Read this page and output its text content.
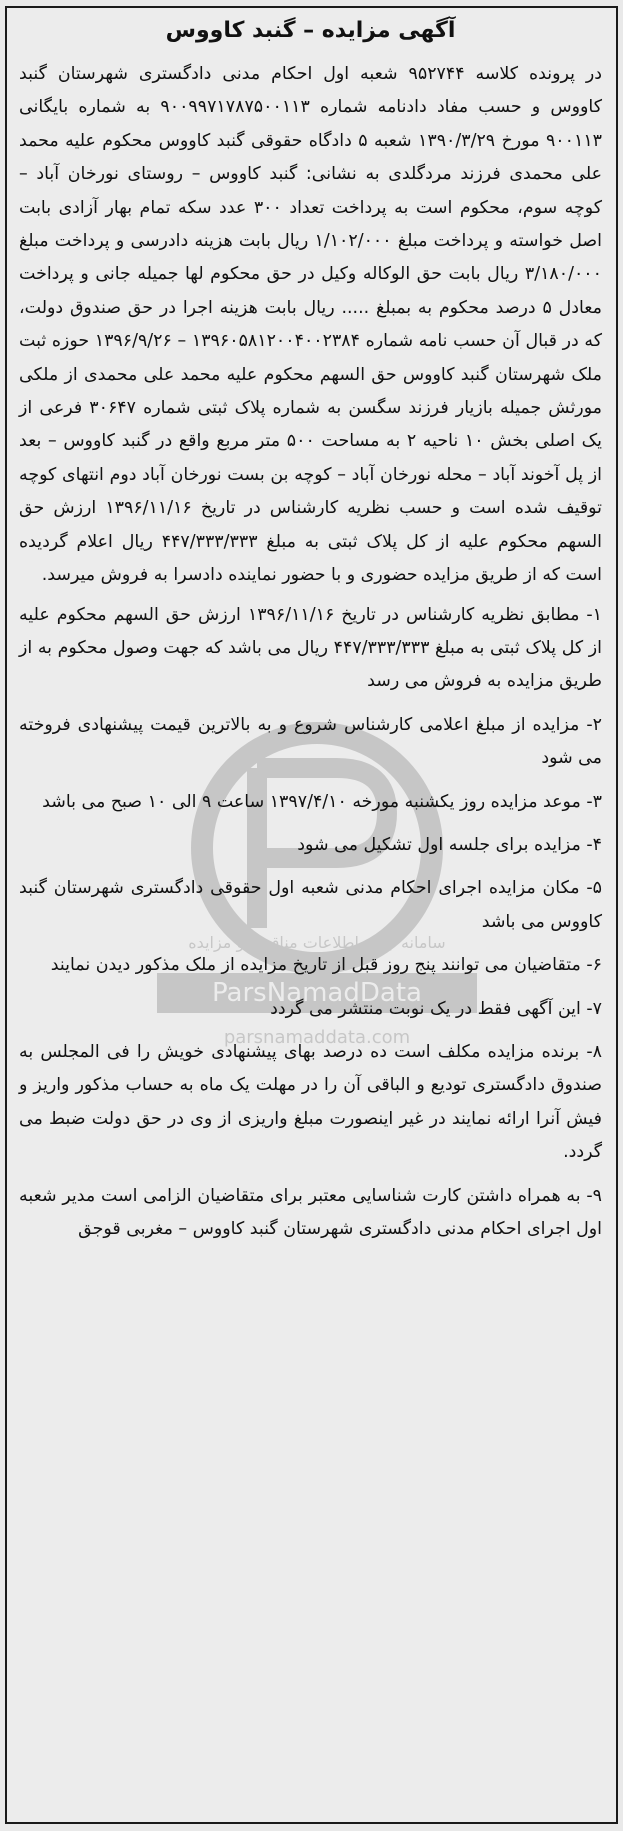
ParsNamadData
parsnamaddata.com
سامانه جامع اطلاعات مناقصه و مزایده
آگهی مزایده – گنبد کاووس

در پرونده کلاسه ۹۵۲۷۴۴ شعبه اول احکام مدنی دادگستری شهرستان گنبد کاووس و حسب مفاد دادنامه شماره ۹۰۰۹۹۷۱۷۸۷۵۰۰۱۱۳ به شماره بایگانی ۹۰۰۱۱۳ مورخ ۱۳۹۰/۳/۲۹ شعبه ۵ دادگاه حقوقی گنبد کاووس محکوم علیه محمد علی محمدی فرزند مردگلدی به نشانی: گنبد کاووس – روستای نورخان آباد – کوچه سوم، محکوم است به پرداخت تعداد ۳۰۰ عدد سکه تمام بهار آزادی بابت اصل خواسته و پرداخت مبلغ ۱/۱۰۲/۰۰۰ ریال بابت هزینه دادرسی و پرداخت مبلغ ۳/۱۸۰/۰۰۰ ریال بابت حق الوکاله وکیل در حق محکوم لها جمیله جانی و پرداخت معادل ۵ درصد محکوم به بمبلغ ..... ریال بابت هزینه اجرا در حق صندوق دولت، که در قبال آن حسب نامه شماره ۱۳۹۶۰۵۸۱۲۰۰۴۰۰۲۳۸۴ – ۱۳۹۶/۹/۲۶ حوزه ثبت ملک شهرستان گنبد کاووس حق السهم محکوم علیه محمد علی محمدی از ملکی مورثش جمیله بازیار فرزند سگسن به شماره پلاک ثبتی شماره ۳۰۶۴۷ فرعی از یک اصلی بخش ۱۰ ناحیه ۲ به مساحت ۵۰۰ متر مربع واقع در گنبد کاووس – بعد از پل آخوند آباد – محله نورخان آباد – کوچه بن بست نورخان آباد دوم انتهای کوچه توقیف شده است و حسب نظریه کارشناس در تاریخ ۱۳۹۶/۱۱/۱۶ ارزش حق السهم محکوم علیه از کل پلاک ثبتی به مبلغ ۴۴۷/۳۳۳/۳۳۳ ریال اعلام گردیده است که از طریق مزایده حضوری و با حضور نماینده دادسرا به فروش میرسد.

۱- مطابق نظریه کارشناس در تاریخ ۱۳۹۶/۱۱/۱۶ ارزش حق السهم محکوم علیه از کل پلاک ثبتی به مبلغ ۴۴۷/۳۳۳/۳۳۳ ریال می باشد که جهت وصول محکوم به از طریق مزایده به فروش می رسد

۲- مزایده از مبلغ اعلامی کارشناس شروع و به بالاترین قیمت پیشنهادی فروخته می شود

۳- موعد مزایده روز یکشنبه مورخه ۱۳۹۷/۴/۱۰ ساعت ۹ الی ۱۰ صبح می باشد

۴- مزایده برای جلسه اول تشکیل می شود

۵- مکان مزایده اجرای احکام مدنی شعبه اول حقوقی دادگستری شهرستان گنبد کاووس می باشد

۶- متقاضیان می توانند پنج روز قبل از تاریخ مزایده از ملک مذکور دیدن نمایند

۷- این آگهی فقط در یک نوبت منتشر می گردد

۸- برنده مزایده مکلف است ده درصد بهای پیشنهادی خویش را فی المجلس به صندوق دادگستری تودیع و الباقی آن را در مهلت یک ماه به حساب مذکور واریز و فیش آنرا ارائه نمایند در غیر اینصورت مبلغ واریزی از وی در حق دولت ضبط می گردد.

۹- به همراه داشتن کارت شناسایی معتبر برای متقاضیان الزامی است مدیر شعبه اول اجرای احکام مدنی دادگستری شهرستان گنبد کاووس – مغربی قوجق
